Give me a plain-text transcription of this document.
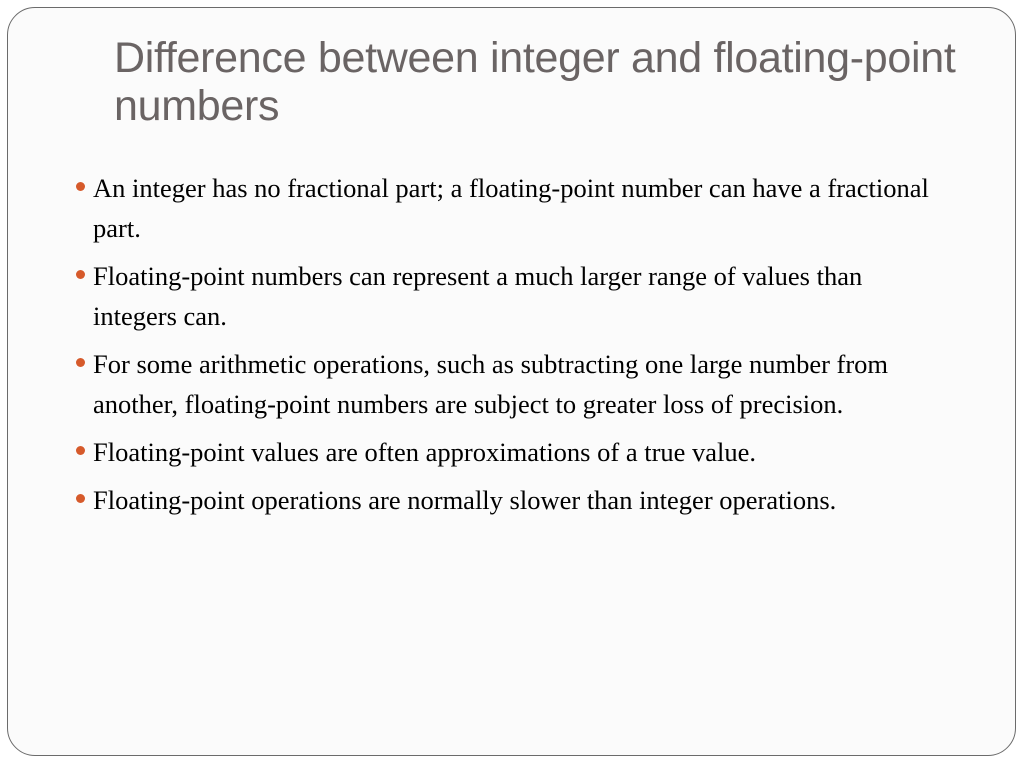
Difference between integer and floating-point numbers
An integer has no fractional part; a floating-point number can have a fractional part.
Floating-point numbers can represent a much larger range of values than integers can.
For some arithmetic operations, such as subtracting one large number from another, floating-point numbers are subject to greater loss of precision.
Floating-point values are often approximations of a true value.
Floating-point operations are normally slower than integer operations.
